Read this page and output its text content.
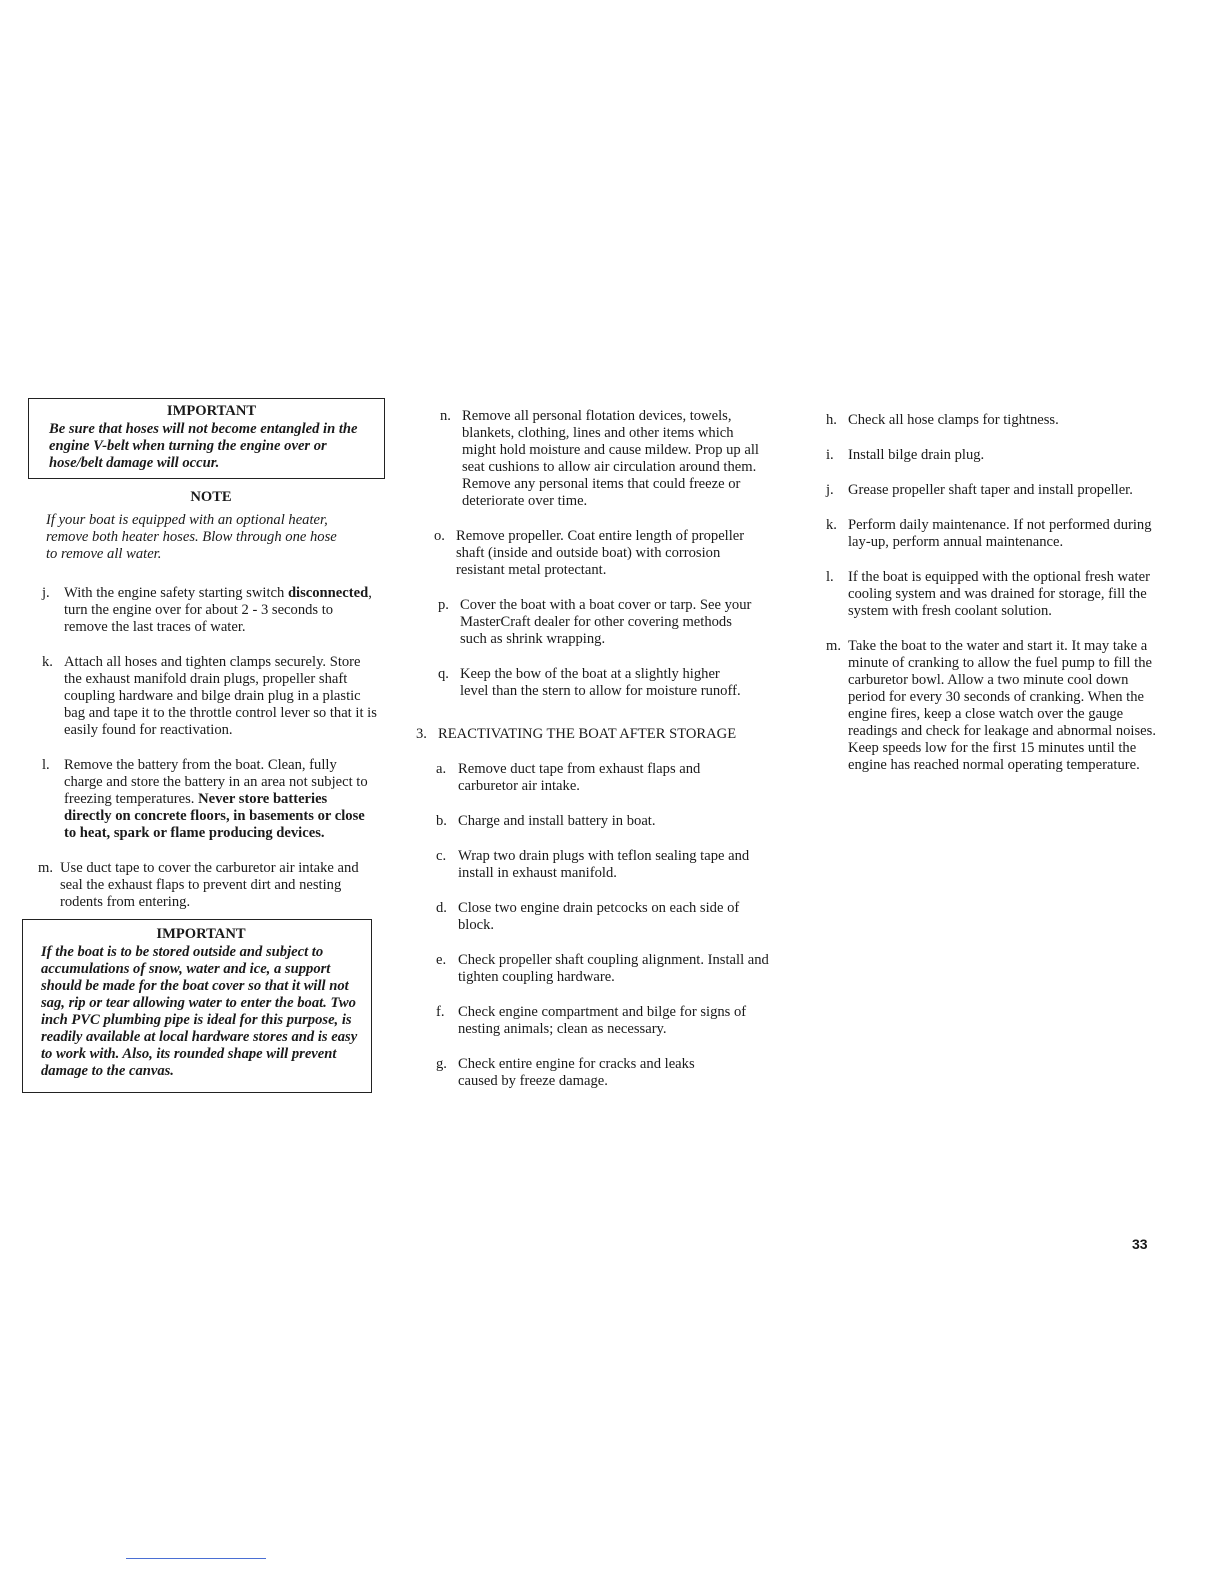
IMPORTANT
Be sure that hoses will not become entangled in the engine V-belt when turning the engine over or hose/belt damage will occur.
NOTE
If your boat is equipped with an optional heater, remove both heater hoses. Blow through one hose to remove all water.
j. With the engine safety starting switch disconnected, turn the engine over for about 2 - 3 seconds to remove the last traces of water.
k. Attach all hoses and tighten clamps securely. Store the exhaust manifold drain plugs, propeller shaft coupling hardware and bilge drain plug in a plastic bag and tape it to the throttle control lever so that it is easily found for reactivation.
l. Remove the battery from the boat. Clean, fully charge and store the battery in an area not subject to freezing temperatures. Never store batteries directly on concrete floors, in basements or close to heat, spark or flame producing devices.
m. Use duct tape to cover the carburetor air intake and seal the exhaust flaps to prevent dirt and nesting rodents from entering.
IMPORTANT
If the boat is to be stored outside and subject to accumulations of snow, water and ice, a support should be made for the boat cover so that it will not sag, rip or tear allowing water to enter the boat. Two inch PVC plumbing pipe is ideal for this purpose, is readily available at local hardware stores and is easy to work with. Also, its rounded shape will prevent damage to the canvas.
n. Remove all personal flotation devices, towels, blankets, clothing, lines and other items which might hold moisture and cause mildew. Prop up all seat cushions to allow air circulation around them. Remove any personal items that could freeze or deteriorate over time.
o. Remove propeller. Coat entire length of propeller shaft (inside and outside boat) with corrosion resistant metal protectant.
p. Cover the boat with a boat cover or tarp. See your MasterCraft dealer for other covering methods such as shrink wrapping.
q. Keep the bow of the boat at a slightly higher level than the stern to allow for moisture runoff.
3. REACTIVATING THE BOAT AFTER STORAGE
a. Remove duct tape from exhaust flaps and carburetor air intake.
b. Charge and install battery in boat.
c. Wrap two drain plugs with teflon sealing tape and install in exhaust manifold.
d. Close two engine drain petcocks on each side of block.
e. Check propeller shaft coupling alignment. Install and tighten coupling hardware.
f. Check engine compartment and bilge for signs of nesting animals; clean as necessary.
g. Check entire engine for cracks and leaks caused by freeze damage.
h. Check all hose clamps for tightness.
i. Install bilge drain plug.
j. Grease propeller shaft taper and install propeller.
k. Perform daily maintenance. If not performed during lay-up, perform annual maintenance.
l. If the boat is equipped with the optional fresh water cooling system and was drained for storage, fill the system with fresh coolant solution.
m. Take the boat to the water and start it. It may take a minute of cranking to allow the fuel pump to fill the carburetor bowl. Allow a two minute cool down period for every 30 seconds of cranking. When the engine fires, keep a close watch over the gauge readings and check for leakage and abnormal noises. Keep speeds low for the first 15 minutes until the engine has reached normal operating temperature.
33
